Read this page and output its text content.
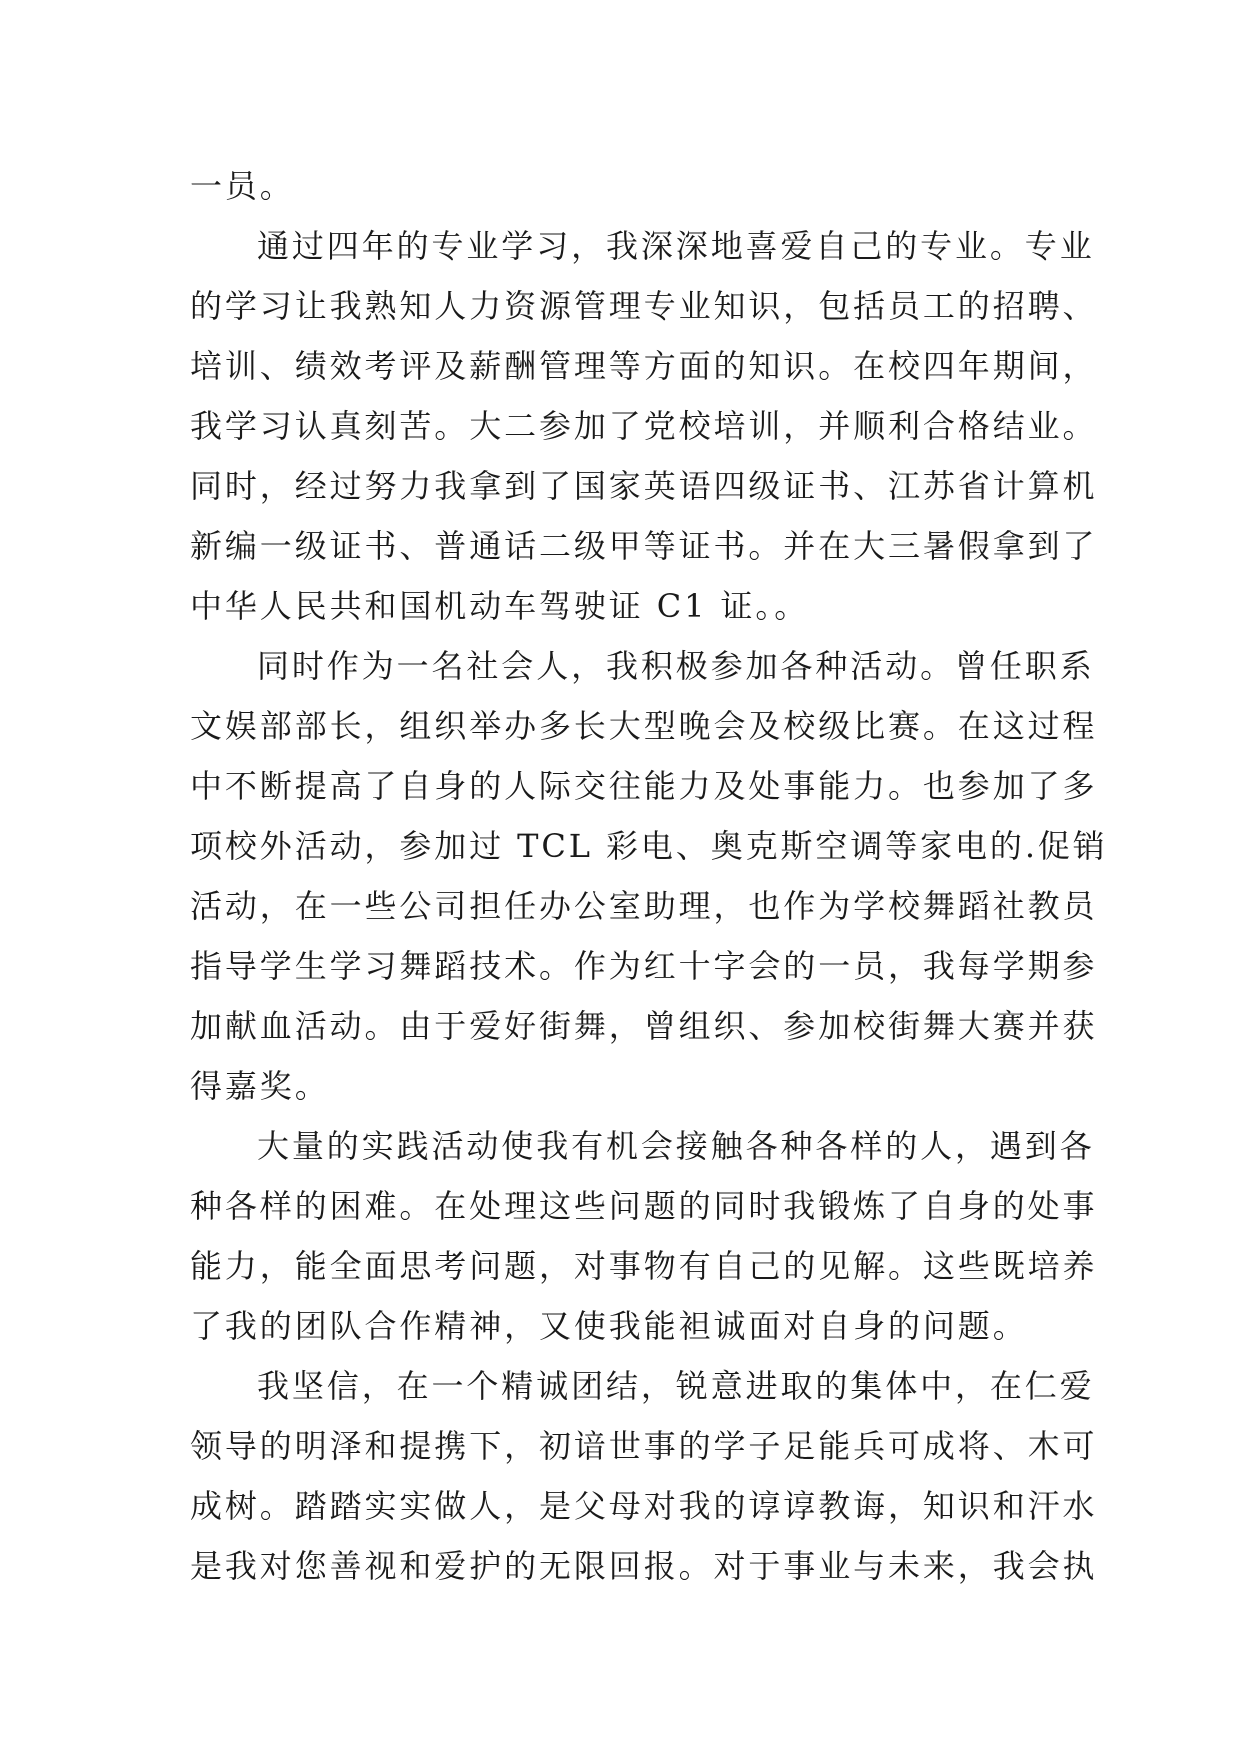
一员。
通过四年的专业学习，我深深地喜爱自己的专业。专业
的学习让我熟知人力资源管理专业知识，包括员工的招聘、
培训、绩效考评及薪酬管理等方面的知识。在校四年期间，
我学习认真刻苦。大二参加了党校培训，并顺利合格结业。
同时，经过努力我拿到了国家英语四级证书、江苏省计算机
新编一级证书、普通话二级甲等证书。并在大三暑假拿到了
中华人民共和国机动车驾驶证 C1 证。。
同时作为一名社会人，我积极参加各种活动。曾任职系
文娱部部长，组织举办多长大型晚会及校级比赛。在这过程
中不断提高了自身的人际交往能力及处事能力。也参加了多
项校外活动，参加过 TCL 彩电、奥克斯空调等家电的.促销
活动，在一些公司担任办公室助理，也作为学校舞蹈社教员
指导学生学习舞蹈技术。作为红十字会的一员，我每学期参
加献血活动。由于爱好街舞，曾组织、参加校街舞大赛并获
得嘉奖。
大量的实践活动使我有机会接触各种各样的人，遇到各
种各样的困难。在处理这些问题的同时我锻炼了自身的处事
能力，能全面思考问题，对事物有自己的见解。这些既培养
了我的团队合作精神，又使我能袒诚面对自身的问题。
我坚信，在一个精诚团结，锐意进取的集体中，在仁爱
领导的明泽和提携下，初谙世事的学子足能兵可成将、木可
成树。踏踏实实做人，是父母对我的谆谆教诲，知识和汗水
是我对您善视和爱护的无限回报。对于事业与未来，我会执
